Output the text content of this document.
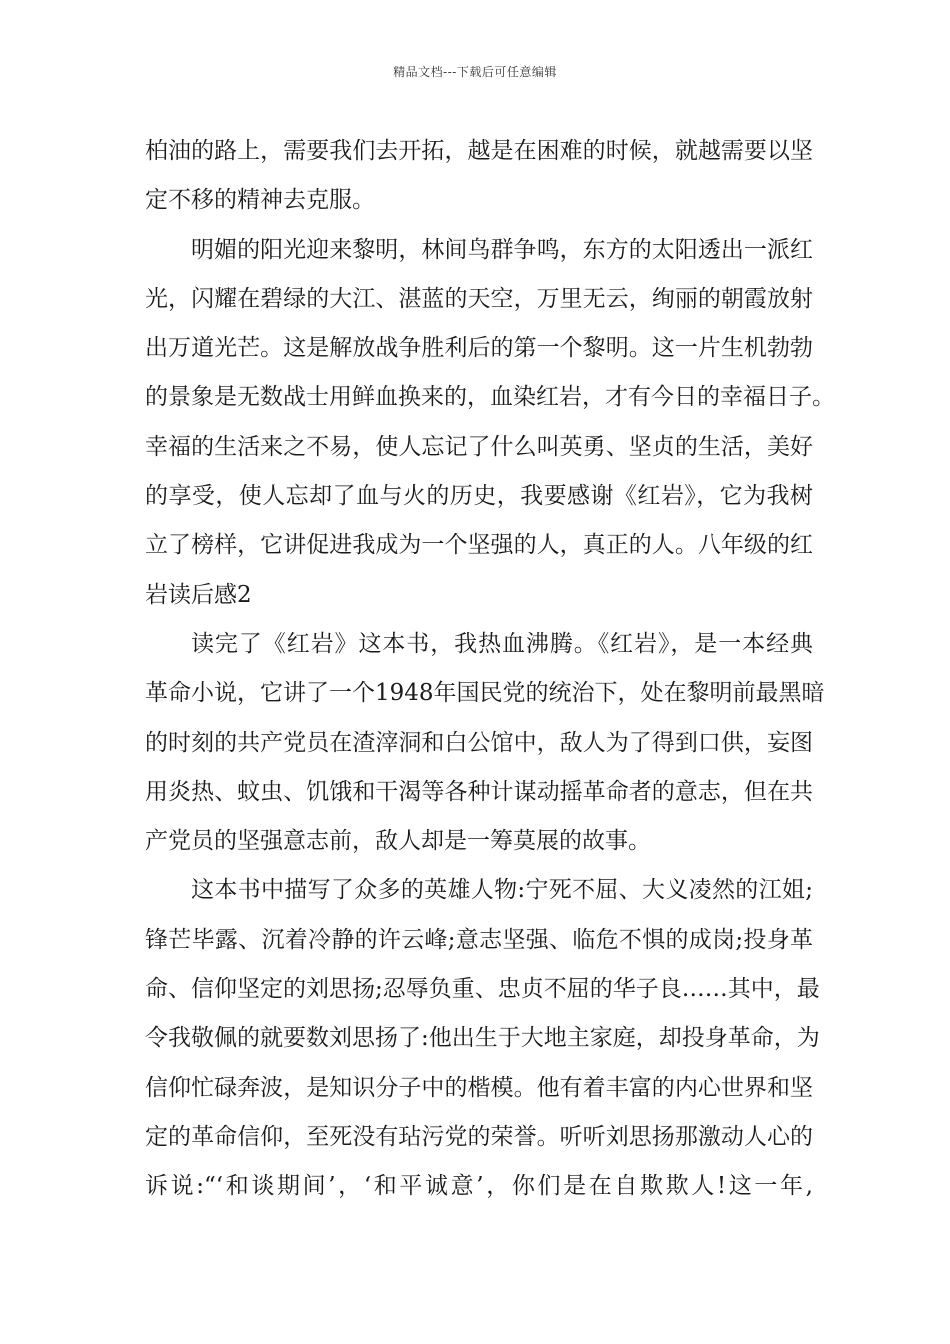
精品文档---下载后可任意编辑
柏油的路上，需要我们去开拓，越是在困难的时候，就越需要以坚
定不移的精神去克服。
明媚的阳光迎来黎明，林间鸟群争鸣，东方的太阳透出一派红
光，闪耀在碧绿的大江、湛蓝的天空，万里无云，绚丽的朝霞放射
出万道光芒。这是解放战争胜利后的第一个黎明。这一片生机勃勃
的景象是无数战士用鲜血换来的，血染红岩，才有今日的幸福日子。
幸福的生活来之不易，使人忘记了什么叫英勇、坚贞的生活，美好
的享受，使人忘却了血与火的历史，我要感谢《红岩》，它为我树
立了榜样，它讲促进我成为一个坚强的人，真正的人。八年级的红
岩读后感2
读完了《红岩》这本书，我热血沸腾。《红岩》，是一本经典
革命小说，它讲了一个1948年国民党的统治下，处在黎明前最黑暗
的时刻的共产党员在渣滓洞和白公馆中，敌人为了得到口供，妄图
用炎热、蚊虫、饥饿和干渴等各种计谋动摇革命者的意志，但在共
产党员的坚强意志前，敌人却是一筹莫展的故事。
这本书中描写了众多的英雄人物:宁死不屈、大义凌然的江姐;
锋芒毕露、沉着冷静的许云峰;意志坚强、临危不惧的成岗;投身革
命、信仰坚定的刘思扬;忍辱负重、忠贞不屈的华子良……其中，最
令我敬佩的就要数刘思扬了:他出生于大地主家庭，却投身革命，为
信仰忙碌奔波，是知识分子中的楷模。他有着丰富的内心世界和坚
定的革命信仰，至死没有玷污党的荣誉。听听刘思扬那激动人心的
诉说:“‘和谈期间’，‘和平诚意’，你们是在自欺欺人!这一年,
